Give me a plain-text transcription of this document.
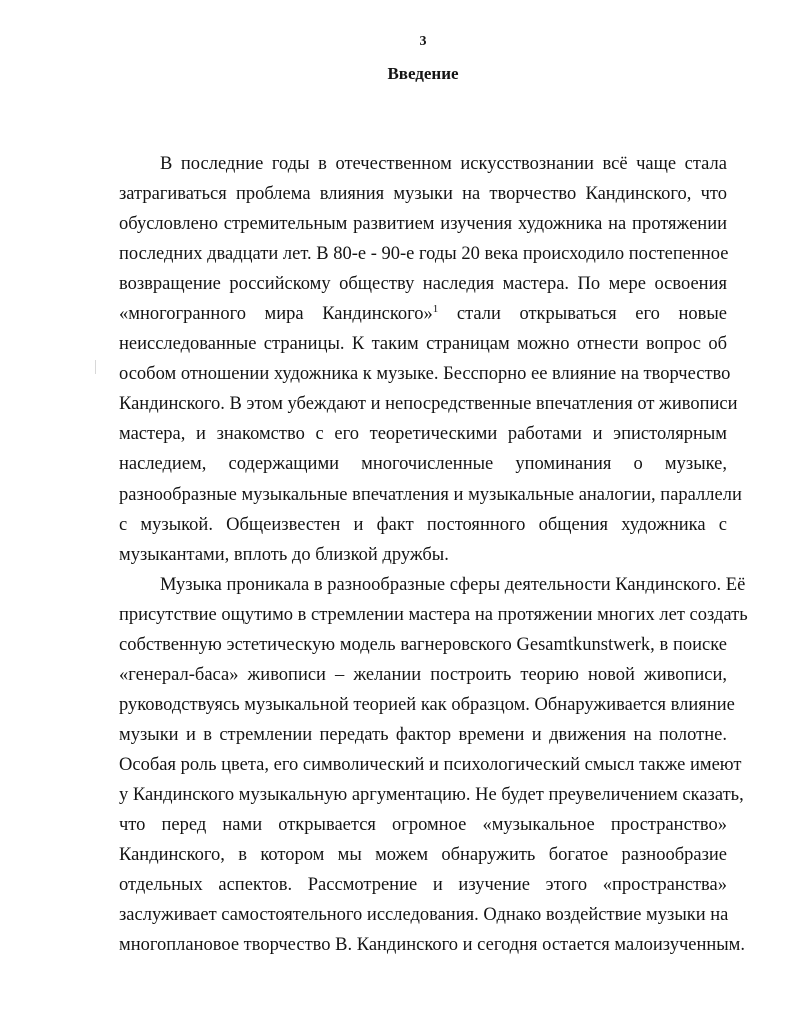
3
Введение

В последние годы в отечественном искусствознании всё чаще стала
затрагиваться проблема влияния музыки на творчество Кандинского, что
обусловлено стремительным развитием изучения художника на протяжении
последних двадцати лет. В 80-е - 90-е годы 20 века происходило постепенное
возвращение российскому обществу наследия мастера. По мере освоения
«многогранного мира Кандинского»$^1$ стали открываться его новые
неисследованные страницы. К таким страницам можно отнести вопрос об
особом отношении художника к музыке. Бесспорно ее влияние на творчество
Кандинского. В этом убеждают и непосредственные впечатления от живописи
мастера, и знакомство с его теоретическими работами и эпистолярным
наследием, содержащими многочисленные упоминания о музыке,
разнообразные музыкальные впечатления и музыкальные аналогии, параллели
с музыкой. Общеизвестен и факт постоянного общения художника с
музыкантами, вплоть до близкой дружбы.

Музыка проникала в разнообразные сферы деятельности Кандинского. Её
присутствие ощутимо в стремлении мастера на протяжении многих лет создать
собственную эстетическую модель вагнеровского Gesamtkunstwerk, в поиске
«генерал-баса» живописи – желании построить теорию новой живописи,
руководствуясь музыкальной теорией как образцом. Обнаруживается влияние
музыки и в стремлении передать фактор времени и движения на полотне.
Особая роль цвета, его символический и психологический смысл также имеют
у Кандинского музыкальную аргументацию. Не будет преувеличением сказать,
что перед нами открывается огромное «музыкальное пространство»
Кандинского, в котором мы можем обнаружить богатое разнообразие
отдельных аспектов. Рассмотрение и изучение этого «пространства»
заслуживает самостоятельного исследования. Однако воздействие музыки на
многоплановое творчество В. Кандинского и сегодня остается малоизученным.
